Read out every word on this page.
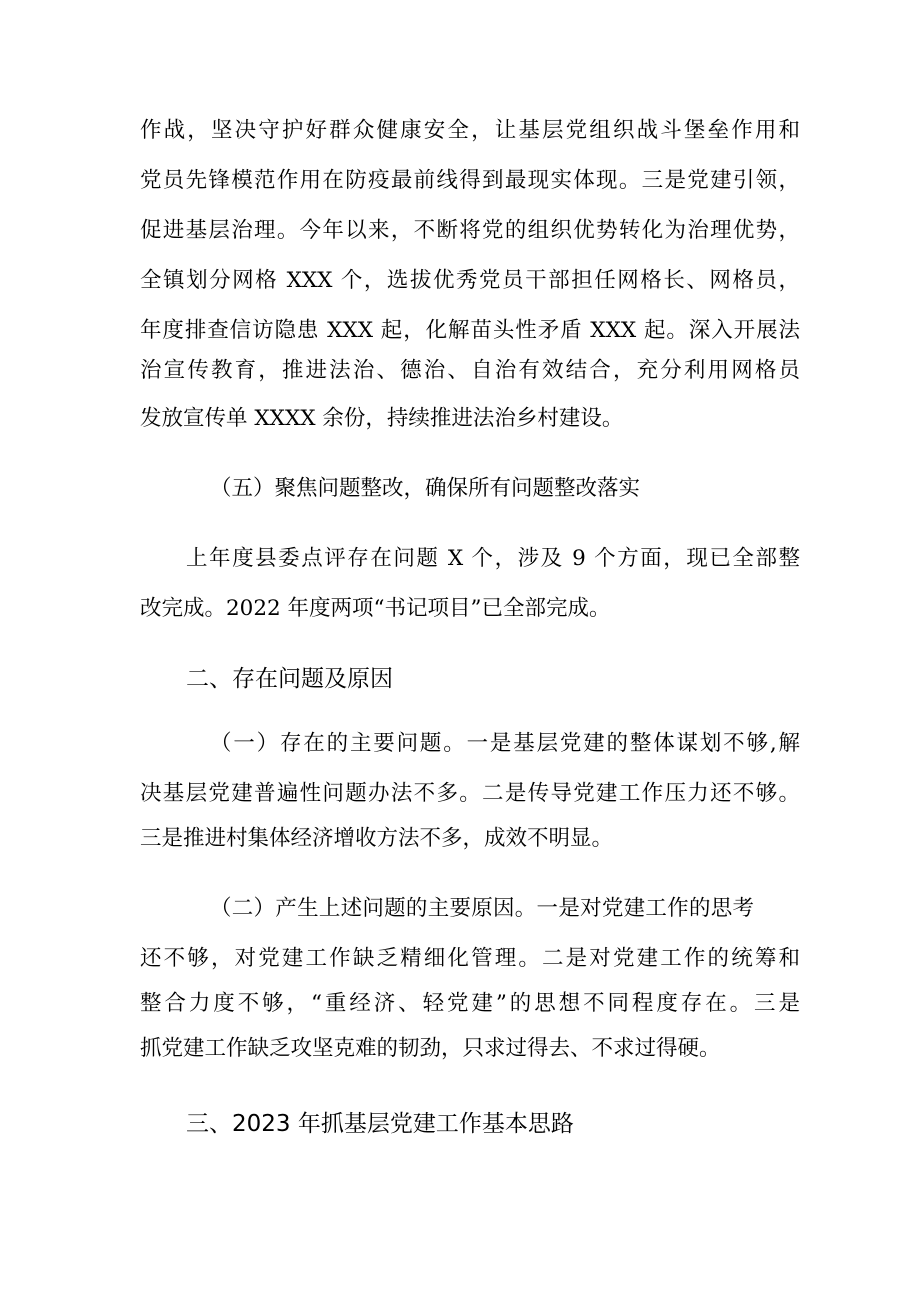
作战，坚决守护好群众健康安全，让基层党组织战斗堡垒作用和
党员先锋模范作用在防疫最前线得到最现实体现。三是党建引领，
促进基层治理。今年以来，不断将党的组织优势转化为治理优势，
全镇划分网格 XXX 个，选拔优秀党员干部担任网格长、网格员，
年度排查信访隐患 XXX 起，化解苗头性矛盾 XXX 起。深入开展法
治宣传教育，推进法治、德治、自治有效结合，充分利用网格员
发放宣传单 XXXX 余份，持续推进法治乡村建设。
（五）聚焦问题整改，确保所有问题整改落实
上年度县委点评存在问题 X 个，涉及 9 个方面，现已全部整
改完成。2022 年度两项“书记项目”已全部完成。
二、存在问题及原因
（一）存在的主要问题。一是基层党建的整体谋划不够,解
决基层党建普遍性问题办法不多。二是传导党建工作压力还不够。
三是推进村集体经济增收方法不多，成效不明显。
（二）产生上述问题的主要原因。一是对党建工作的思考
还不够，对党建工作缺乏精细化管理。二是对党建工作的统筹和
整合力度不够，“重经济、轻党建”的思想不同程度存在。三是
抓党建工作缺乏攻坚克难的韧劲，只求过得去、不求过得硬。
三、2023 年抓基层党建工作基本思路
